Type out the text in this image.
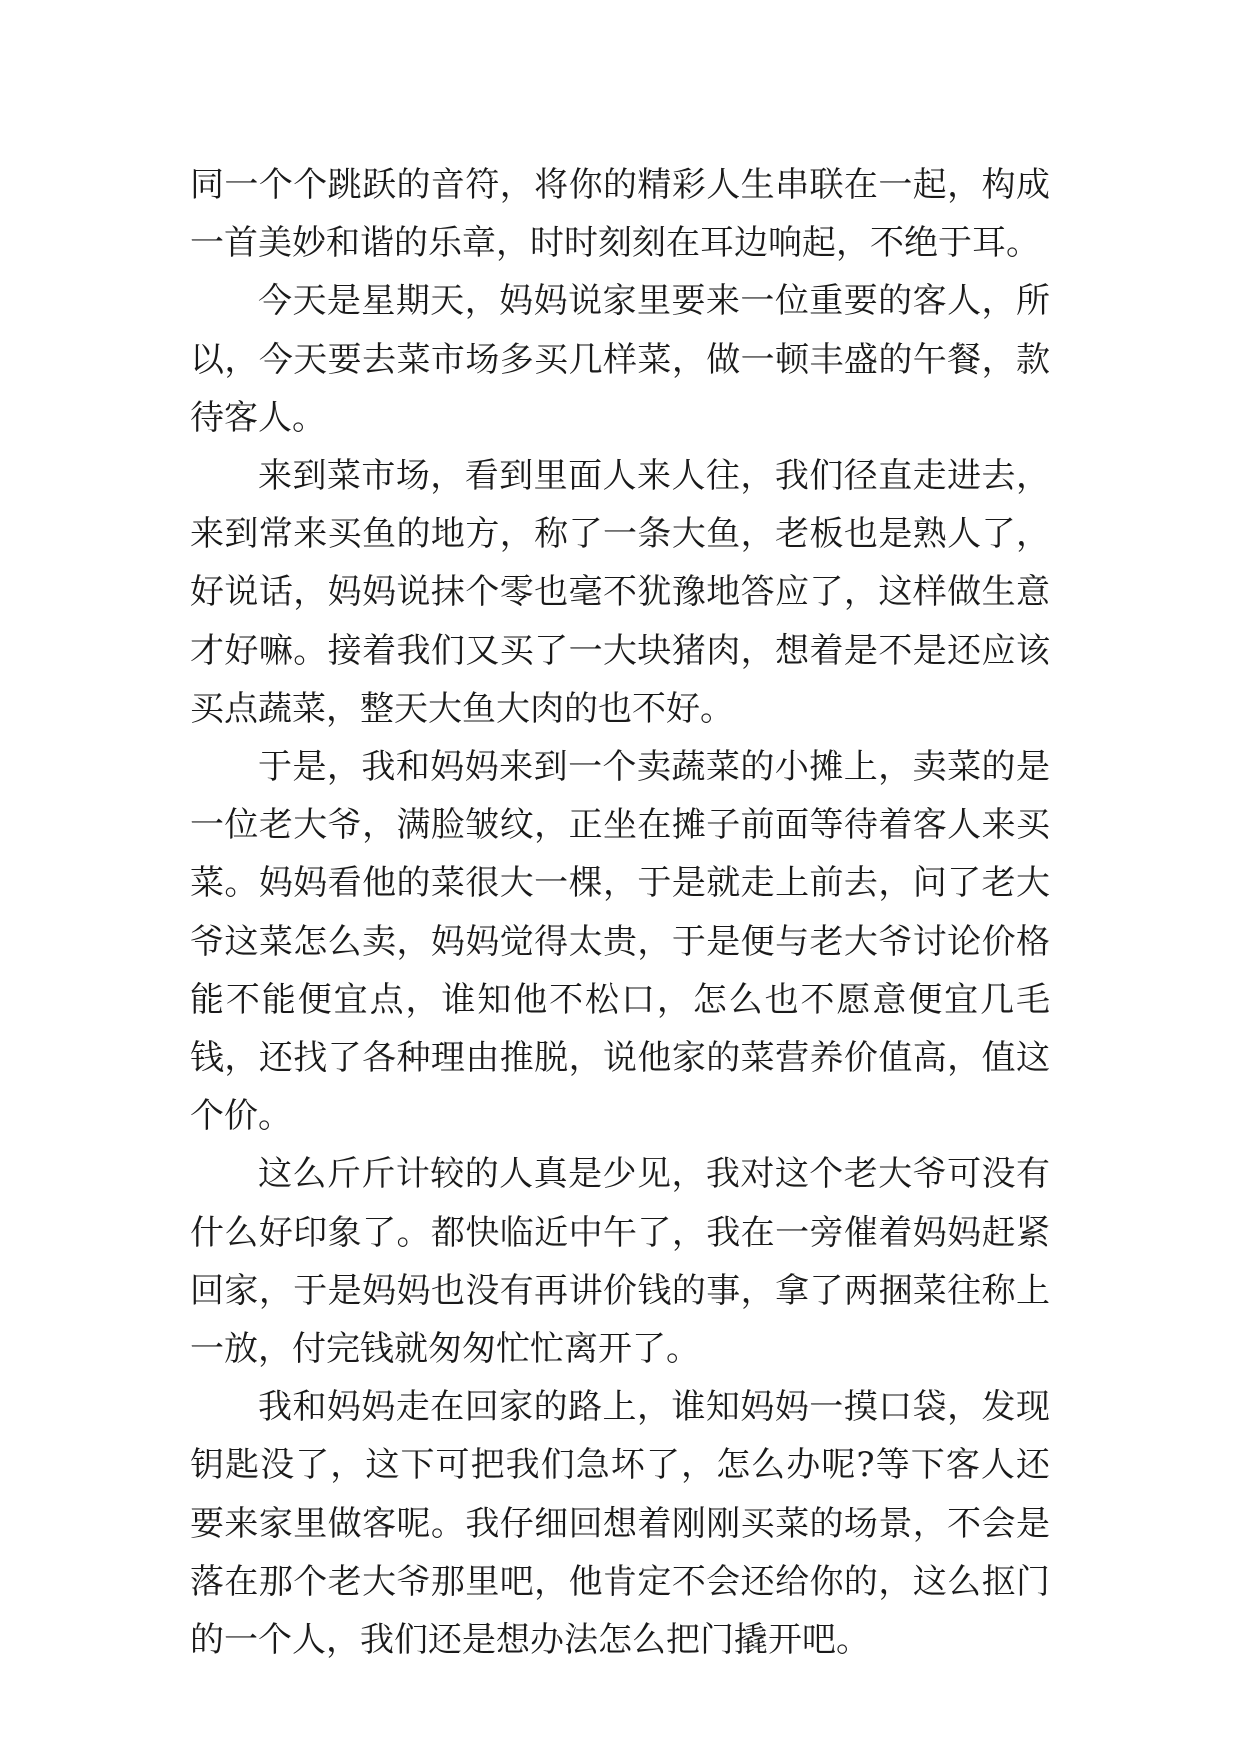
同一个个跳跃的音符，将你的精彩人生串联在一起，构成一首美妙和谐的乐章，时时刻刻在耳边响起，不绝于耳。

今天是星期天，妈妈说家里要来一位重要的客人，所以，今天要去菜市场多买几样菜，做一顿丰盛的午餐，款待客人。

来到菜市场，看到里面人来人往，我们径直走进去，来到常来买鱼的地方，称了一条大鱼，老板也是熟人了，好说话，妈妈说抹个零也毫不犹豫地答应了，这样做生意才好嘛。接着我们又买了一大块猪肉，想着是不是还应该买点蔬菜，整天大鱼大肉的也不好。

于是，我和妈妈来到一个卖蔬菜的小摊上，卖菜的是一位老大爷，满脸皱纹，正坐在摊子前面等待着客人来买菜。妈妈看他的菜很大一棵，于是就走上前去，问了老大爷这菜怎么卖，妈妈觉得太贵，于是便与老大爷讨论价格能不能便宜点，谁知他不松口，怎么也不愿意便宜几毛钱，还找了各种理由推脱，说他家的菜营养价值高，值这个价。

这么斤斤计较的人真是少见，我对这个老大爷可没有什么好印象了。都快临近中午了，我在一旁催着妈妈赶紧回家，于是妈妈也没有再讲价钱的事，拿了两捆菜往称上一放，付完钱就匆匆忙忙离开了。

我和妈妈走在回家的路上，谁知妈妈一摸口袋，发现钥匙没了，这下可把我们急坏了，怎么办呢?等下客人还要来家里做客呢。我仔细回想着刚刚买菜的场景，不会是落在那个老大爷那里吧，他肯定不会还给你的，这么抠门的一个人，我们还是想办法怎么把门撬开吧。
